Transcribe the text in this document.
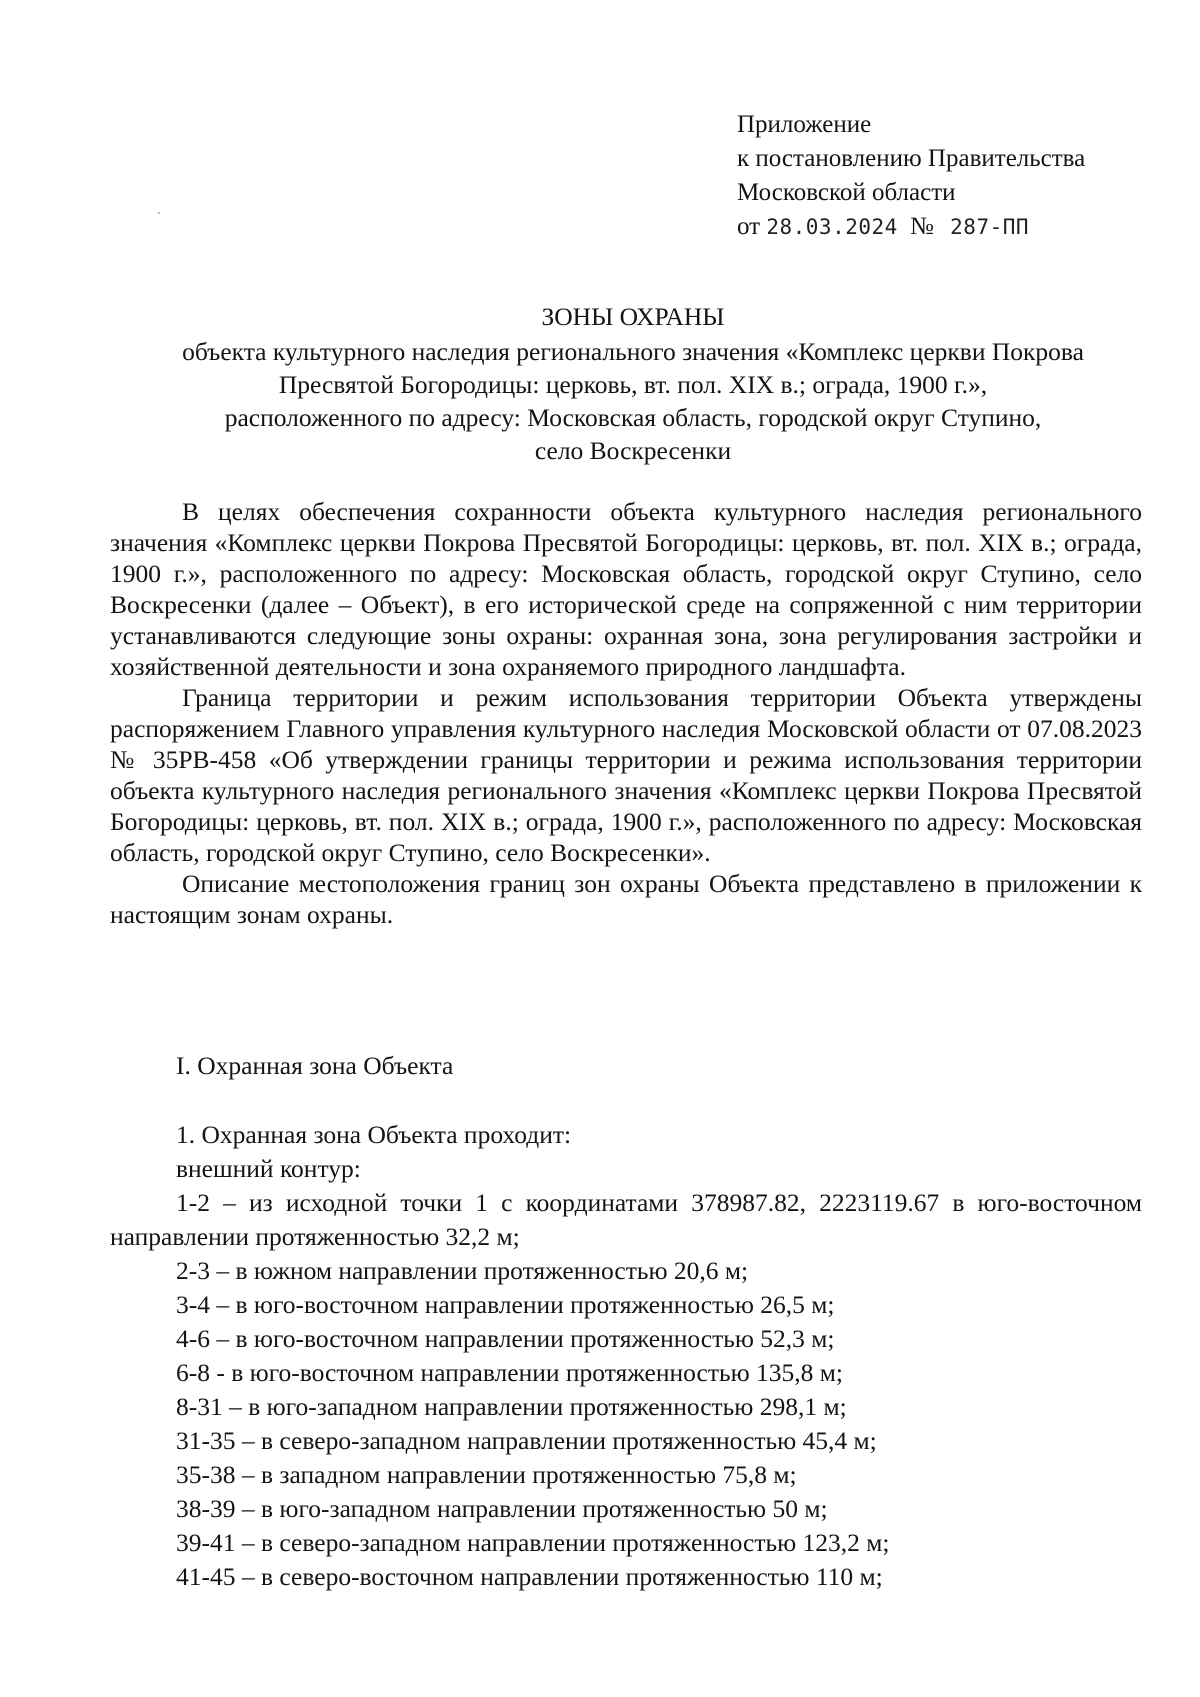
Приложение
к постановлению Правительства
Московской области
от 28.03.2024 № 287-ПП
ЗОНЫ ОХРАНЫ
объекта культурного наследия регионального значения «Комплекс церкви Покрова
Пресвятой Богородицы: церковь, вт. пол. XIX в.; ограда, 1900 г.»,
расположенного по адресу: Московская область, городской округ Ступино,
село Воскресенки

В целях обеспечения сохранности объекта культурного наследия регионального значения «Комплекс церкви Покрова Пресвятой Богородицы: церковь, вт. пол. XIX в.; ограда, 1900 г.», расположенного по адресу: Московская область, городской округ Ступино, село Воскресенки (далее – Объект), в его исторической среде на сопряженной с ним территории устанавливаются следующие зоны охраны: охранная зона, зона регулирования застройки и хозяйственной деятельности и зона охраняемого природного ландшафта.

Граница территории и режим использования территории Объекта утверждены распоряжением Главного управления культурного наследия Московской области от 07.08.2023 № 35РВ-458 «Об утверждении границы территории и режима использования территории объекта культурного наследия регионального значения «Комплекс церкви Покрова Пресвятой Богородицы: церковь, вт. пол. XIX в.; ограда, 1900 г.», расположенного по адресу: Московская область, городской округ Ступино, село Воскресенки».

Описание местоположения границ зон охраны Объекта представлено в приложении к настоящим зонам охраны.

I. Охранная зона Объекта
1. Охранная зона Объекта проходит:
внешний контур:

1-2 – из исходной точки 1 с координатами 378987.82, 2223119.67 в юго-восточном направлении протяженностью 32,2 м;

2-3 – в южном направлении протяженностью 20,6 м;
3-4 – в юго-восточном направлении протяженностью 26,5 м;
4-6 – в юго-восточном направлении протяженностью 52,3 м;
6-8 - в юго-восточном направлении протяженностью 135,8 м;
8-31 – в юго-западном направлении протяженностью 298,1 м;
31-35 – в северо-западном направлении протяженностью 45,4 м;
35-38 – в западном направлении протяженностью 75,8 м;
38-39 – в юго-западном направлении протяженностью 50 м;
39-41 – в северо-западном направлении протяженностью 123,2 м;
41-45 – в северо-восточном направлении протяженностью 110 м;
